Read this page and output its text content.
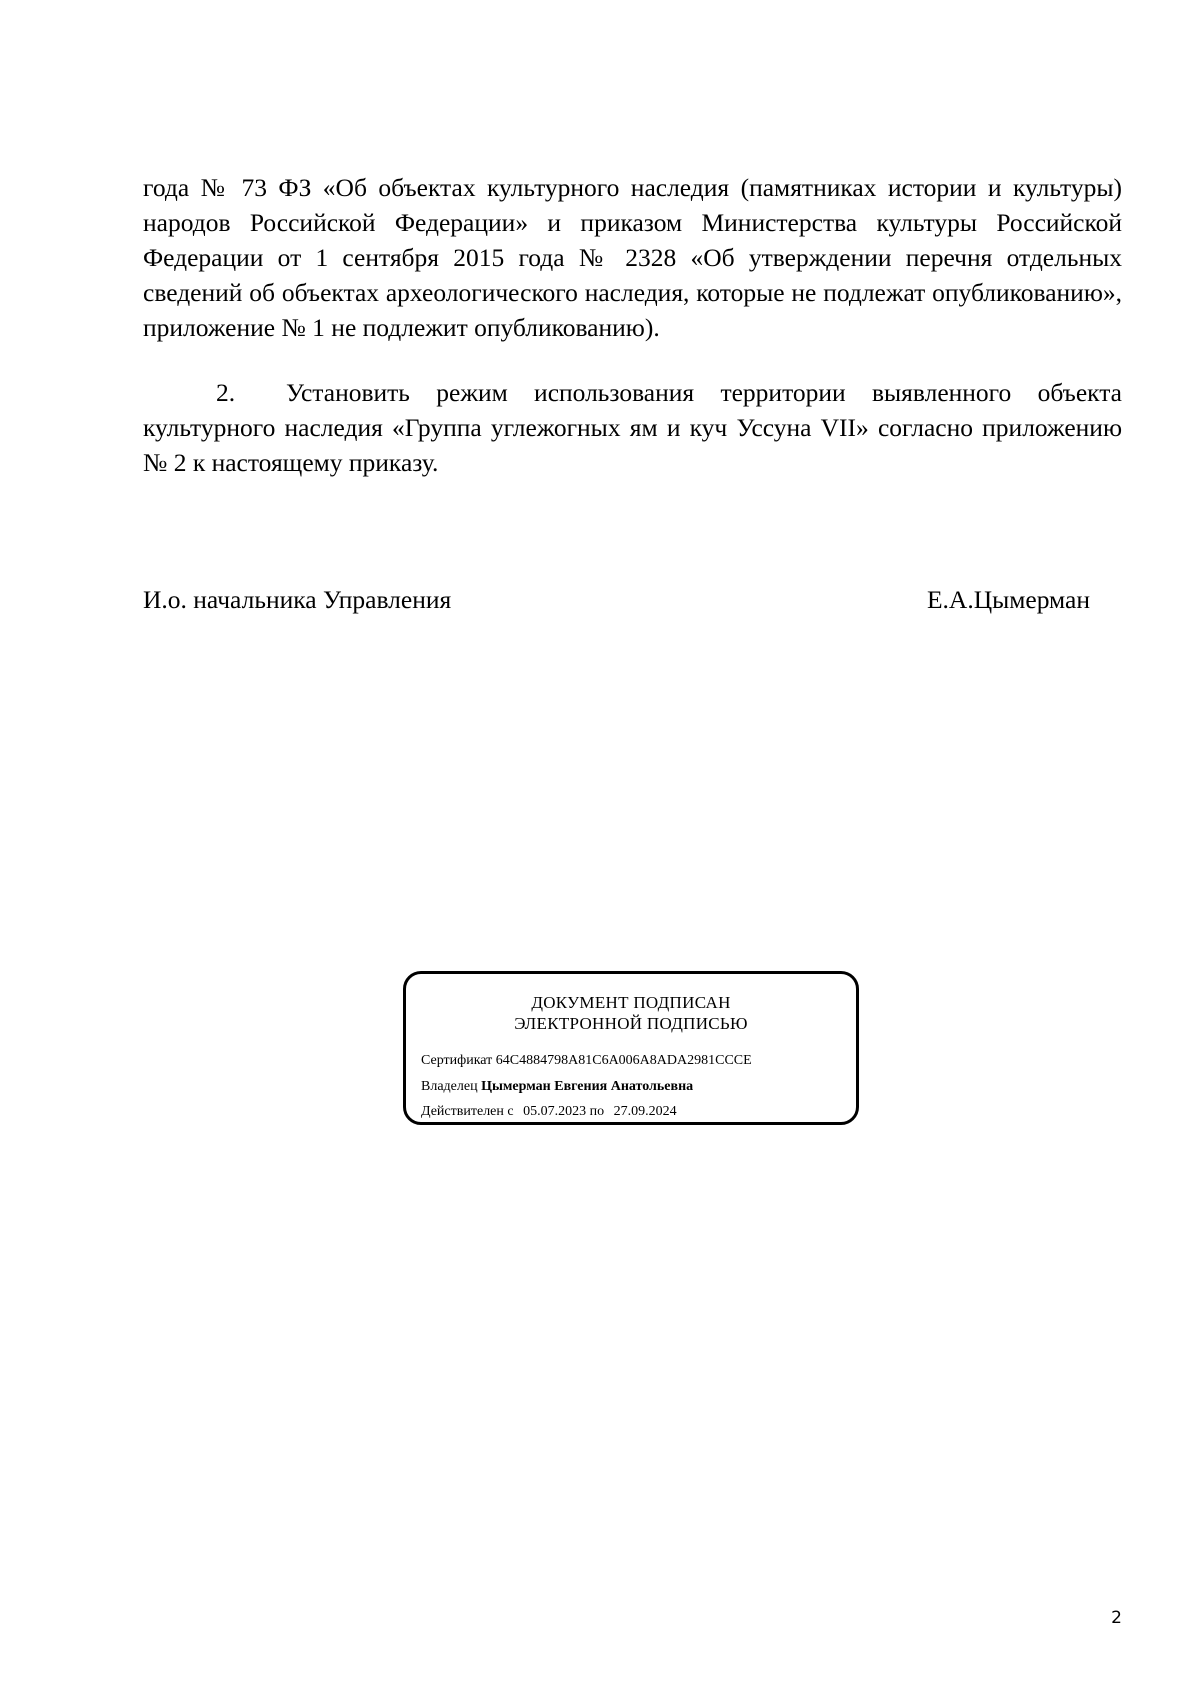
года № 73 ФЗ «Об объектах культурного наследия (памятниках истории и культуры) народов Российской Федерации» и приказом Министерства культуры Российской Федерации от 1 сентября 2015 года № 2328 «Об утверждении перечня отдельных сведений об объектах археологического наследия, которые не подлежат опубликованию», приложение № 1 не подлежит опубликованию).
2. Установить режим использования территории выявленного объекта культурного наследия «Группа углежогных ям и куч Уссуна VII» согласно приложению № 2 к настоящему приказу.
И.о. начальника Управления	Е.А.Цымерман
ДОКУМЕНТ ПОДПИСАН
ЭЛЕКТРОННОЙ ПОДПИСЬЮ
Сертификат 64C4884798A81C6A006A8ADA2981CCCE
Владелец Цымерман Евгения Анатольевна
Действителен с 05.07.2023 по 27.09.2024
2
